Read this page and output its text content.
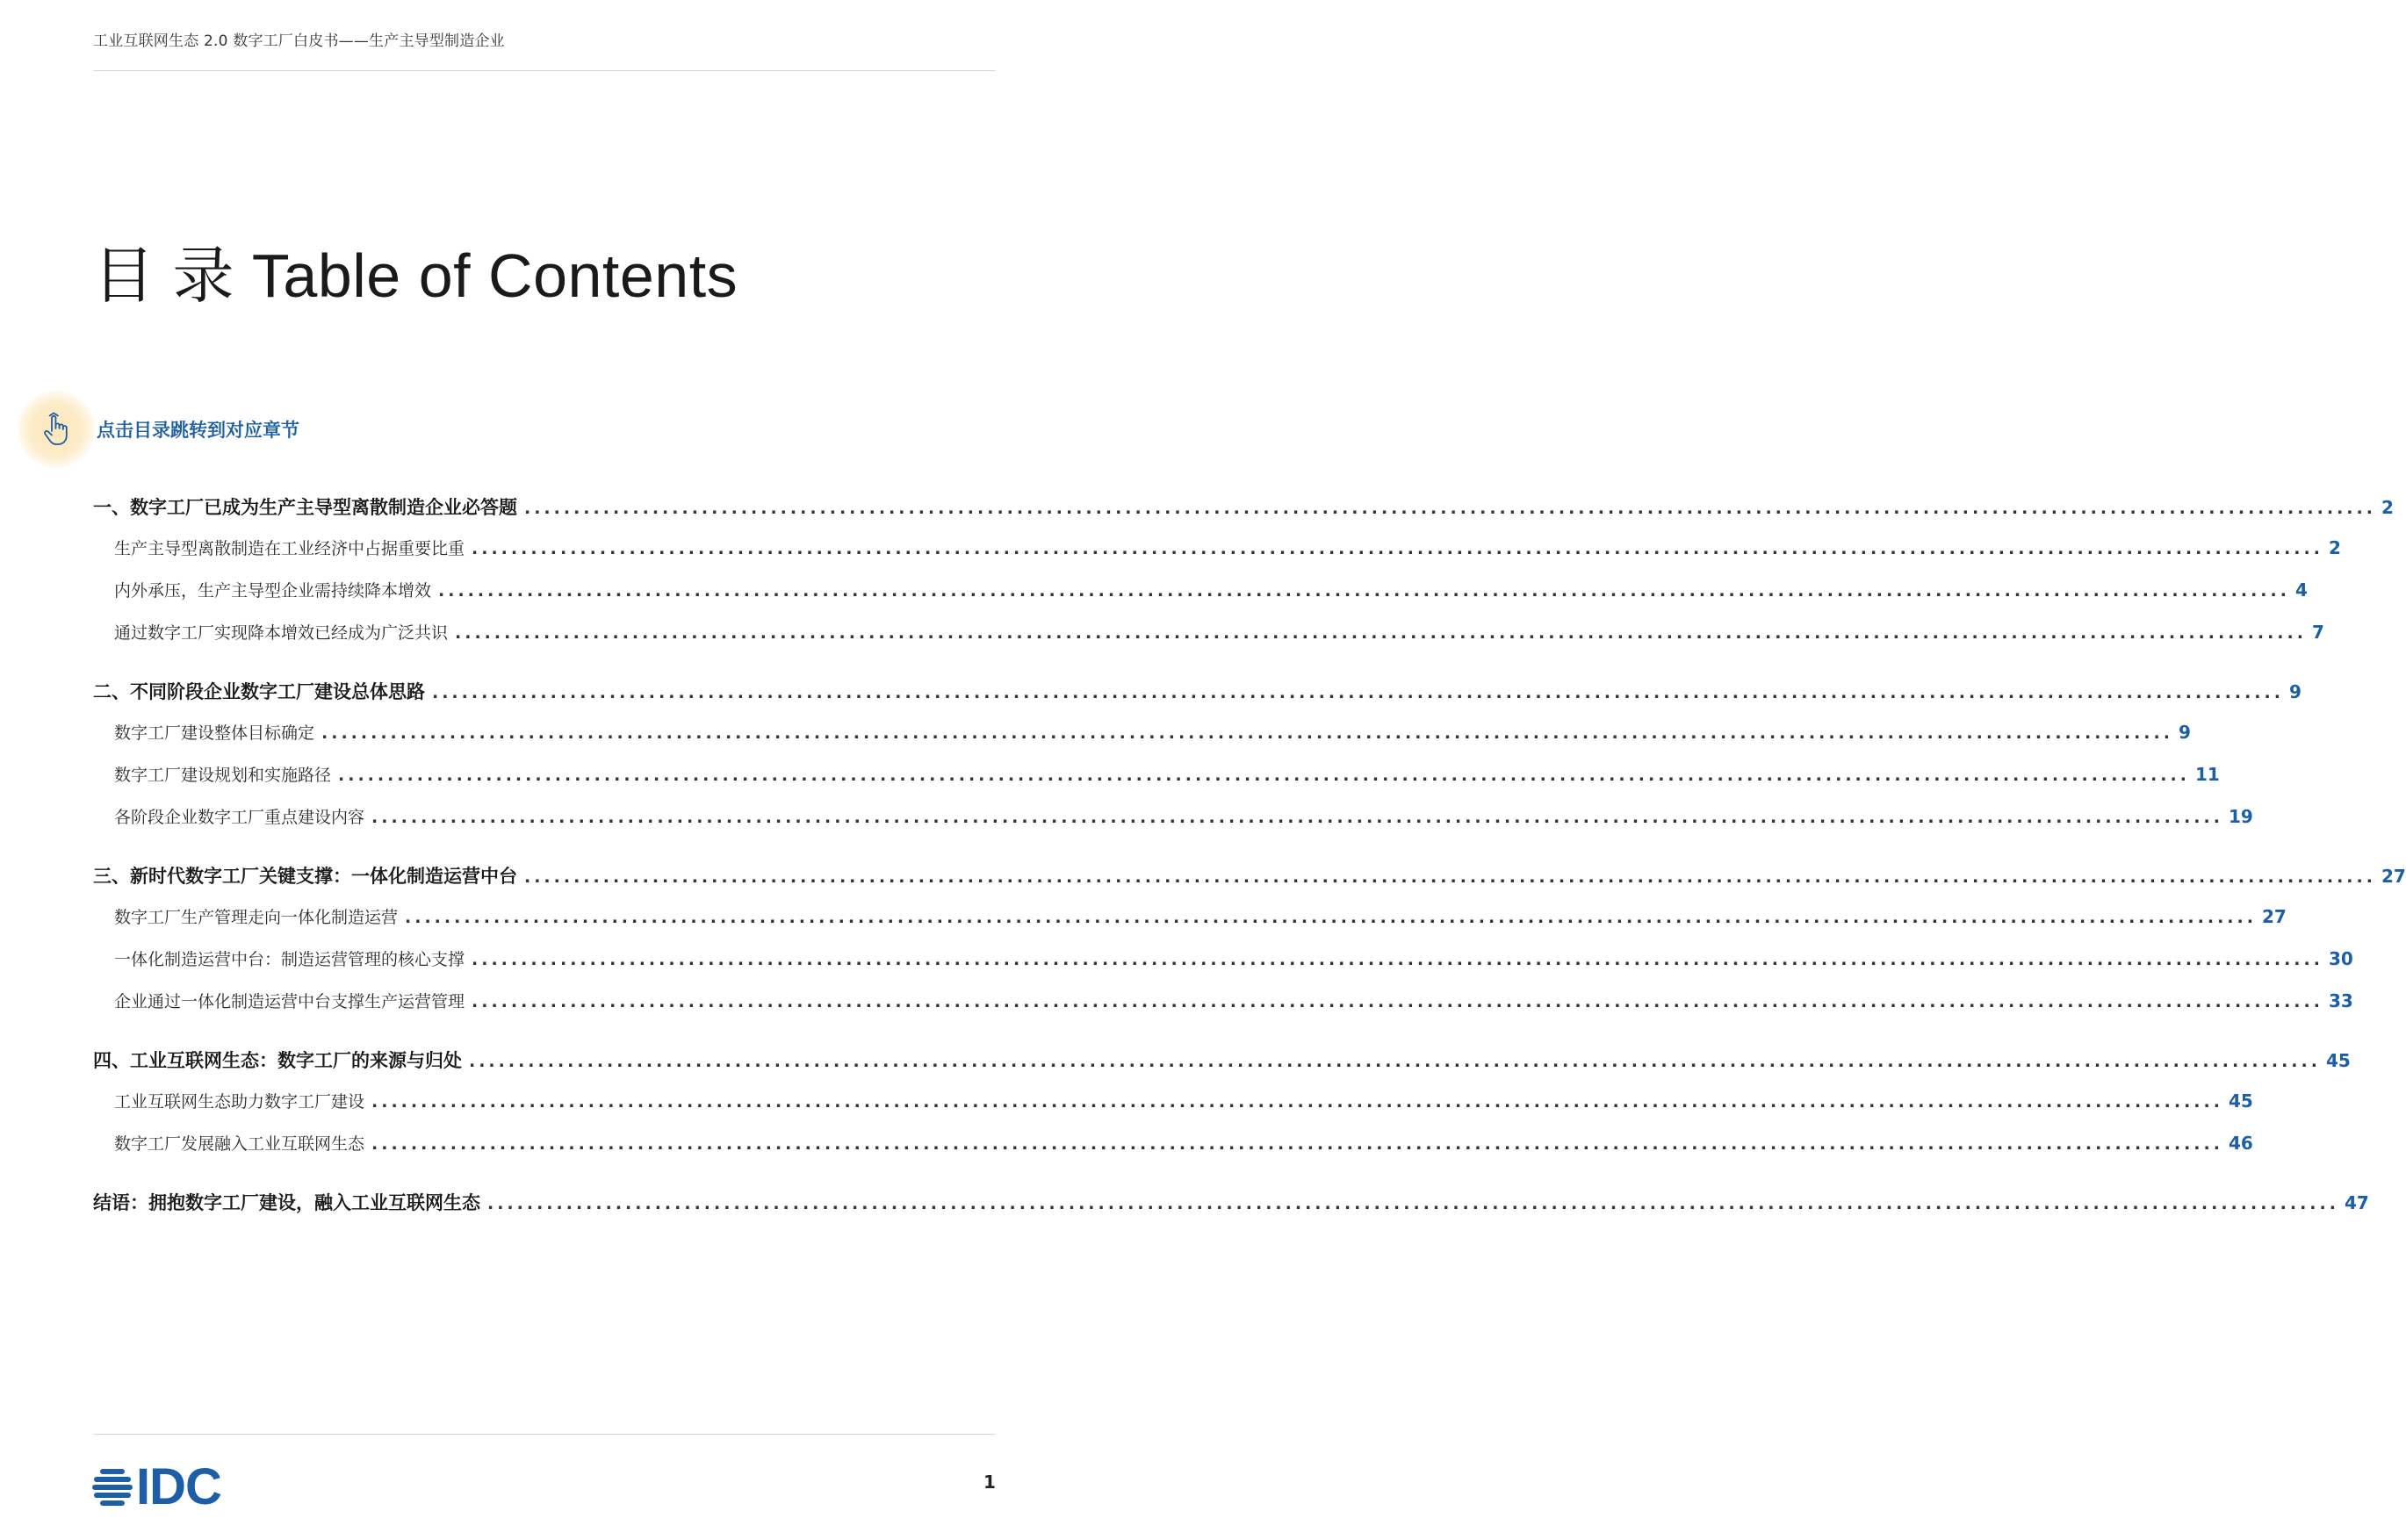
工业互联网生态 2.0 数字工厂白皮书——生产主导型制造企业
目 录 Table of Contents
点击目录跳转到对应章节
一、数字工厂已成为生产主导型离散制造企业必答题 ............................................................................................................................................................................................ 2
生产主导型离散制造在工业经济中占据重要比重 ............................................................................................................................................................................................ 2
内外承压，生产主导型企业需持续降本增效 ............................................................................................................................................................................................ 4
通过数字工厂实现降本增效已经成为广泛共识 ............................................................................................................................................................................................ 7
二、不同阶段企业数字工厂建设总体思路 ............................................................................................................................................................................................ 9
数字工厂建设整体目标确定 ............................................................................................................................................................................................ 9
数字工厂建设规划和实施路径 ............................................................................................................................................................................................ 11
各阶段企业数字工厂重点建设内容 ............................................................................................................................................................................................ 19
三、新时代数字工厂关键支撑：一体化制造运营中台 ............................................................................................................................................................................................ 27
数字工厂生产管理走向一体化制造运营 ............................................................................................................................................................................................ 27
一体化制造运营中台：制造运营管理的核心支撑 ............................................................................................................................................................................................ 30
企业通过一体化制造运营中台支撑生产运营管理 ............................................................................................................................................................................................ 33
四、工业互联网生态：数字工厂的来源与归处 ............................................................................................................................................................................................ 45
工业互联网生态助力数字工厂建设 ............................................................................................................................................................................................ 45
数字工厂发展融入工业互联网生态 ............................................................................................................................................................................................ 46
结语：拥抱数字工厂建设，融入工业互联网生态 ............................................................................................................................................................................................ 47
IDC	1
